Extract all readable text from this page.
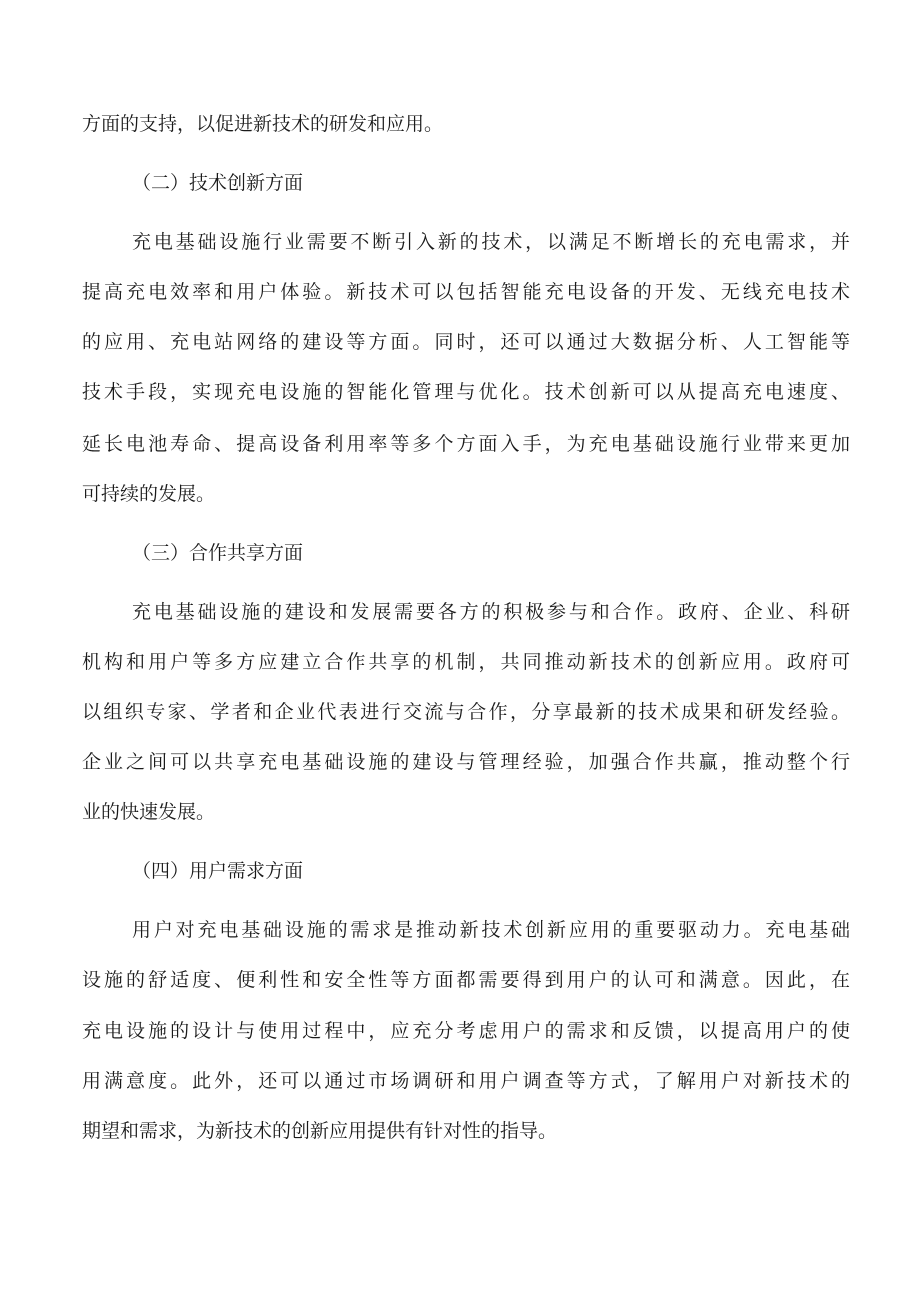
方面的支持，以促进新技术的研发和应用。

（二）技术创新方面

充电基础设施行业需要不断引入新的技术，以满足不断增长的充电需求，并

提高充电效率和用户体验。新技术可以包括智能充电设备的开发、无线充电技术

的应用、充电站网络的建设等方面。同时，还可以通过大数据分析、人工智能等

技术手段，实现充电设施的智能化管理与优化。技术创新可以从提高充电速度、

延长电池寿命、提高设备利用率等多个方面入手，为充电基础设施行业带来更加

可持续的发展。

（三）合作共享方面

充电基础设施的建设和发展需要各方的积极参与和合作。政府、企业、科研

机构和用户等多方应建立合作共享的机制，共同推动新技术的创新应用。政府可

以组织专家、学者和企业代表进行交流与合作，分享最新的技术成果和研发经验。

企业之间可以共享充电基础设施的建设与管理经验，加强合作共赢，推动整个行

业的快速发展。

（四）用户需求方面

用户对充电基础设施的需求是推动新技术创新应用的重要驱动力。充电基础

设施的舒适度、便利性和安全性等方面都需要得到用户的认可和满意。因此，在

充电设施的设计与使用过程中，应充分考虑用户的需求和反馈，以提高用户的使

用满意度。此外，还可以通过市场调研和用户调查等方式，了解用户对新技术的

期望和需求，为新技术的创新应用提供有针对性的指导。
